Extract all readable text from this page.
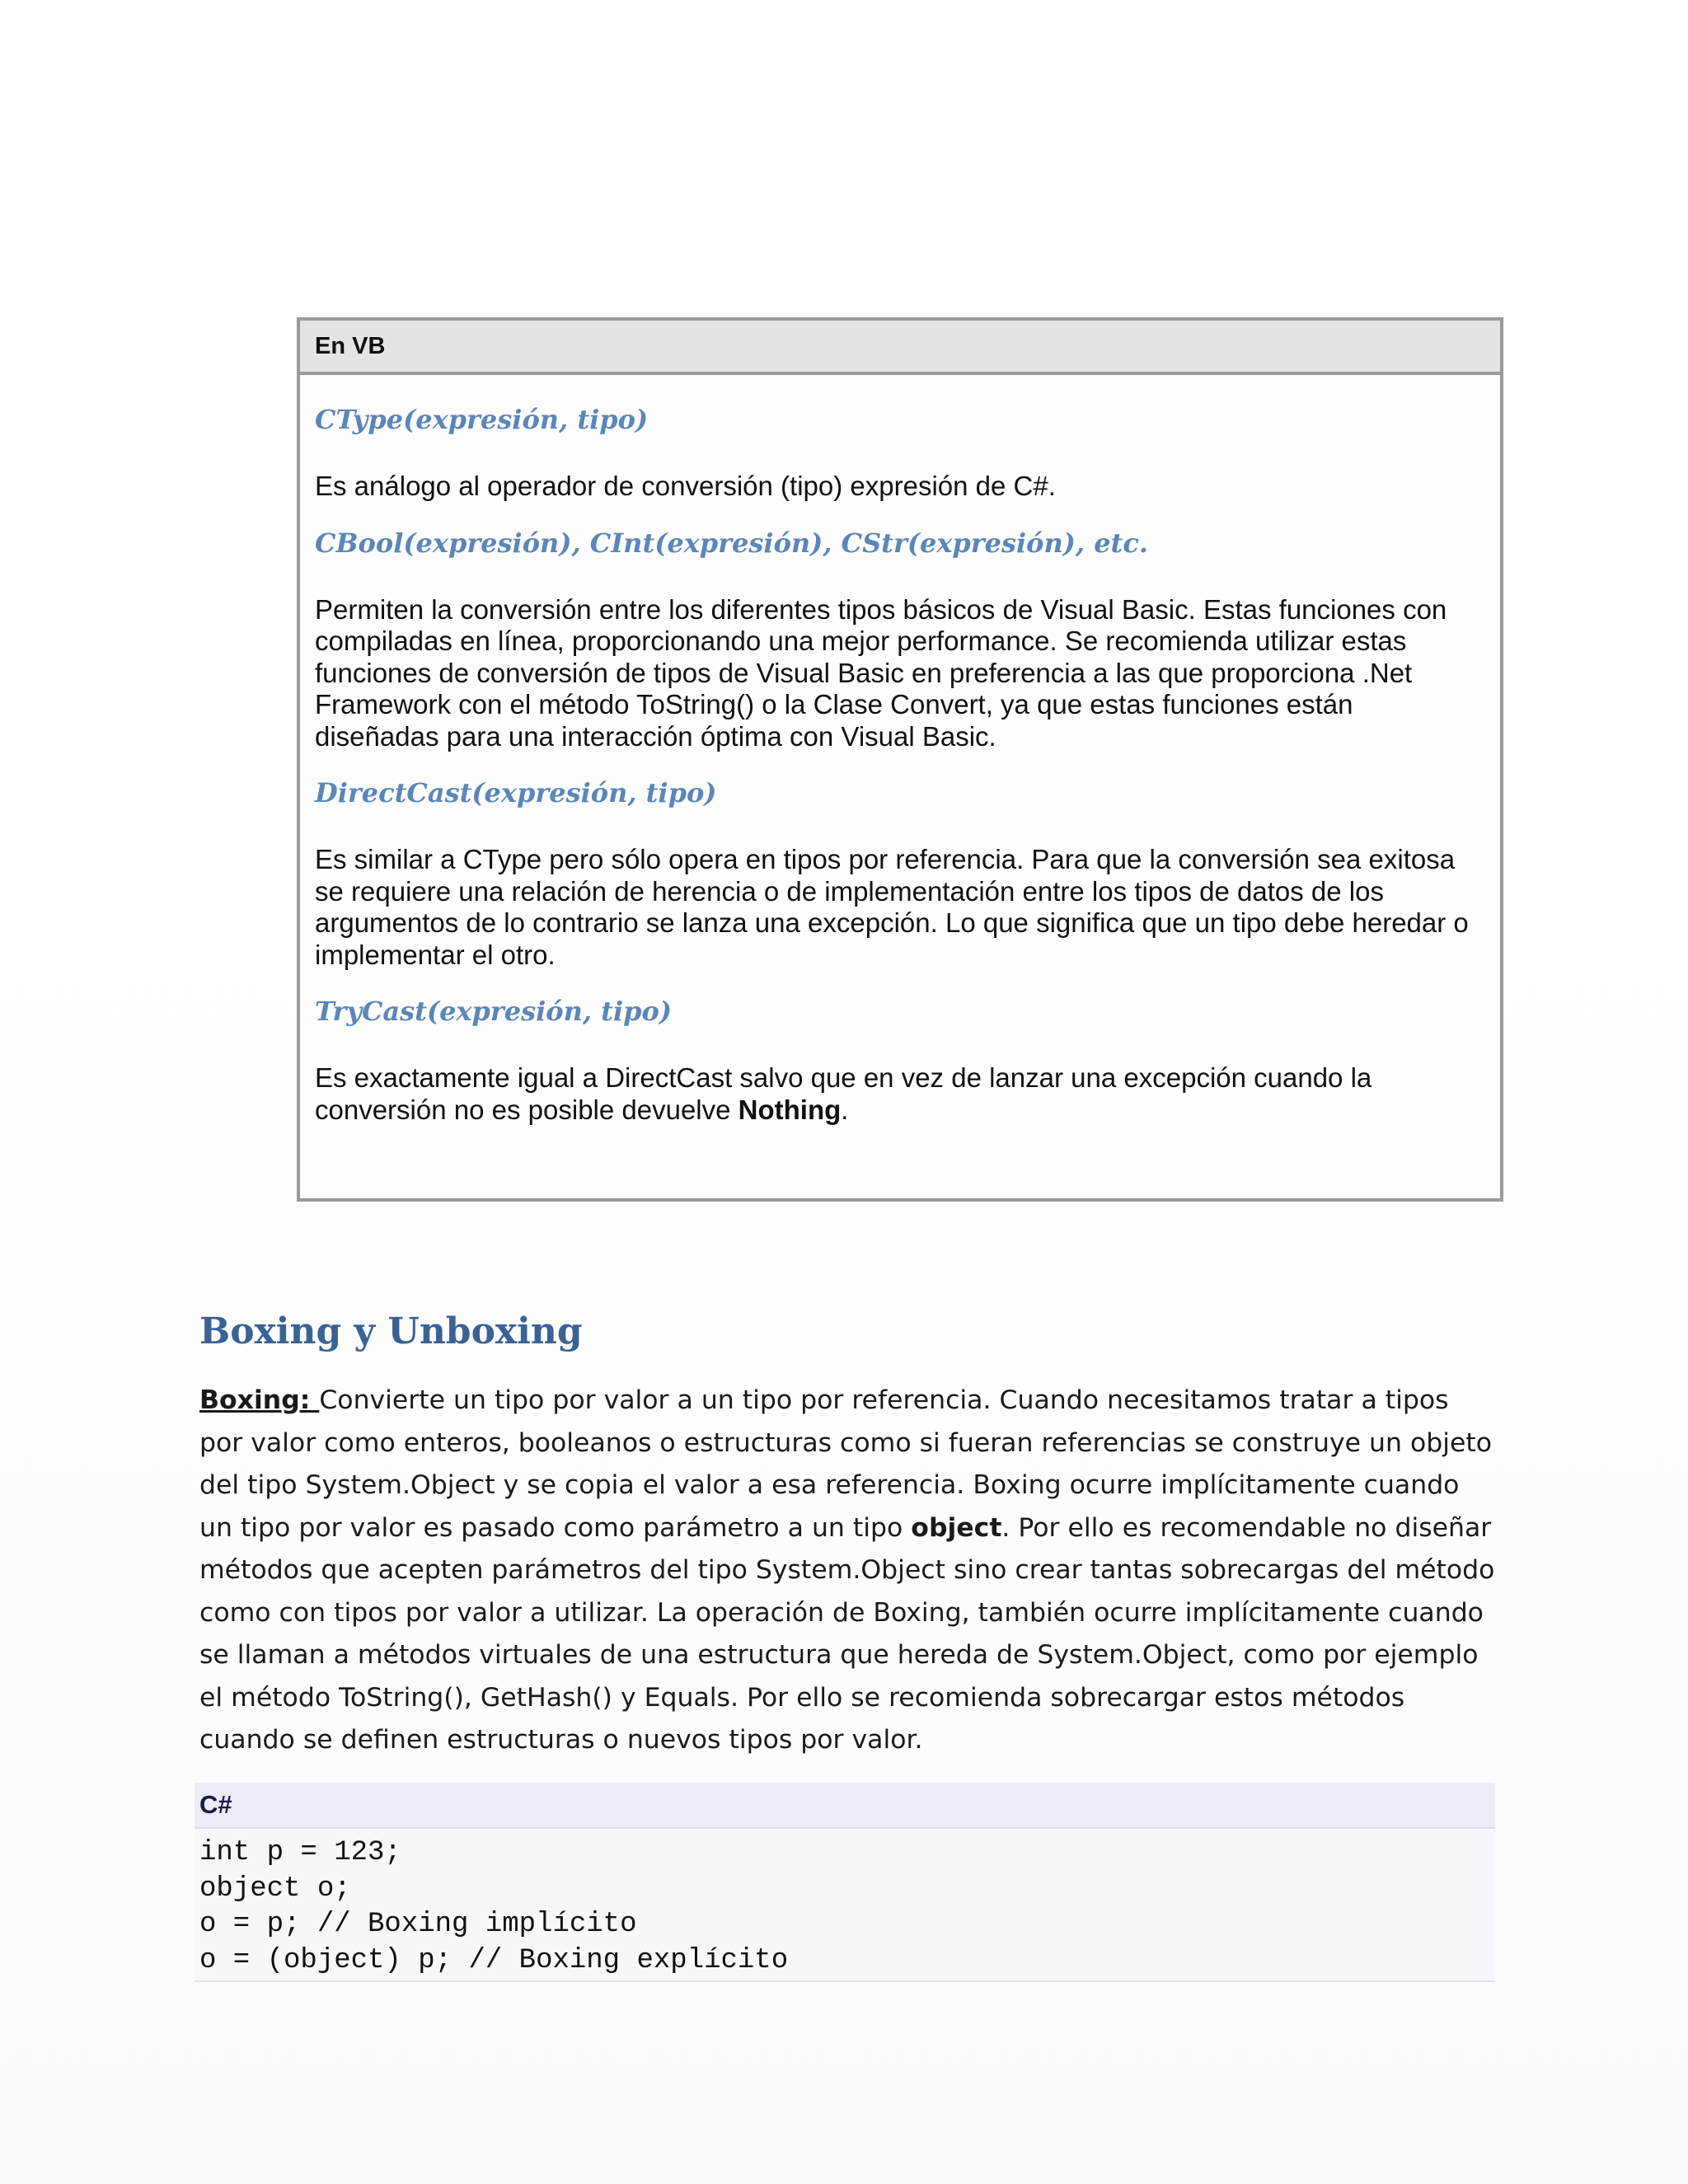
En VB
CType(expresión, tipo)
Es análogo al operador de conversión (tipo) expresión de C#.
CBool(expresión), CInt(expresión), CStr(expresión), etc.
Permiten la conversión entre los diferentes tipos básicos de Visual Basic. Estas funciones con compiladas en línea, proporcionando una mejor performance. Se recomienda utilizar estas funciones de conversión de tipos de Visual Basic en preferencia a las que proporciona .Net Framework con el método ToString() o la Clase Convert, ya que estas funciones están diseñadas para una interacción óptima con Visual Basic.
DirectCast(expresión, tipo)
Es similar a CType pero sólo opera en tipos por referencia. Para que la conversión sea exitosa se requiere una relación de herencia o de implementación entre los tipos de datos de los argumentos de lo contrario se lanza una excepción. Lo que significa que un tipo debe heredar o implementar el otro.
TryCast(expresión, tipo)
Es exactamente igual a DirectCast salvo que en vez de lanzar una excepción cuando la conversión no es posible devuelve Nothing.
Boxing y Unboxing
Boxing: Convierte un tipo por valor a un tipo por referencia. Cuando necesitamos tratar a tipos por valor como enteros, booleanos o estructuras como si fueran referencias se construye un objeto del tipo System.Object y se copia el valor a esa referencia. Boxing ocurre implícitamente cuando un tipo por valor es pasado como parámetro a un tipo object. Por ello es recomendable no diseñar métodos que acepten parámetros del tipo System.Object sino crear tantas sobrecargas del método como con tipos por valor a utilizar. La operación de Boxing, también ocurre implícitamente cuando se llaman a métodos virtuales de una estructura que hereda de System.Object, como por ejemplo el método ToString(), GetHash() y Equals. Por ello se recomienda sobrecargar estos métodos cuando se definen estructuras o nuevos tipos por valor.
C#
int p = 123;
object o;
o = p; // Boxing implícito
o = (object) p; // Boxing explícito
